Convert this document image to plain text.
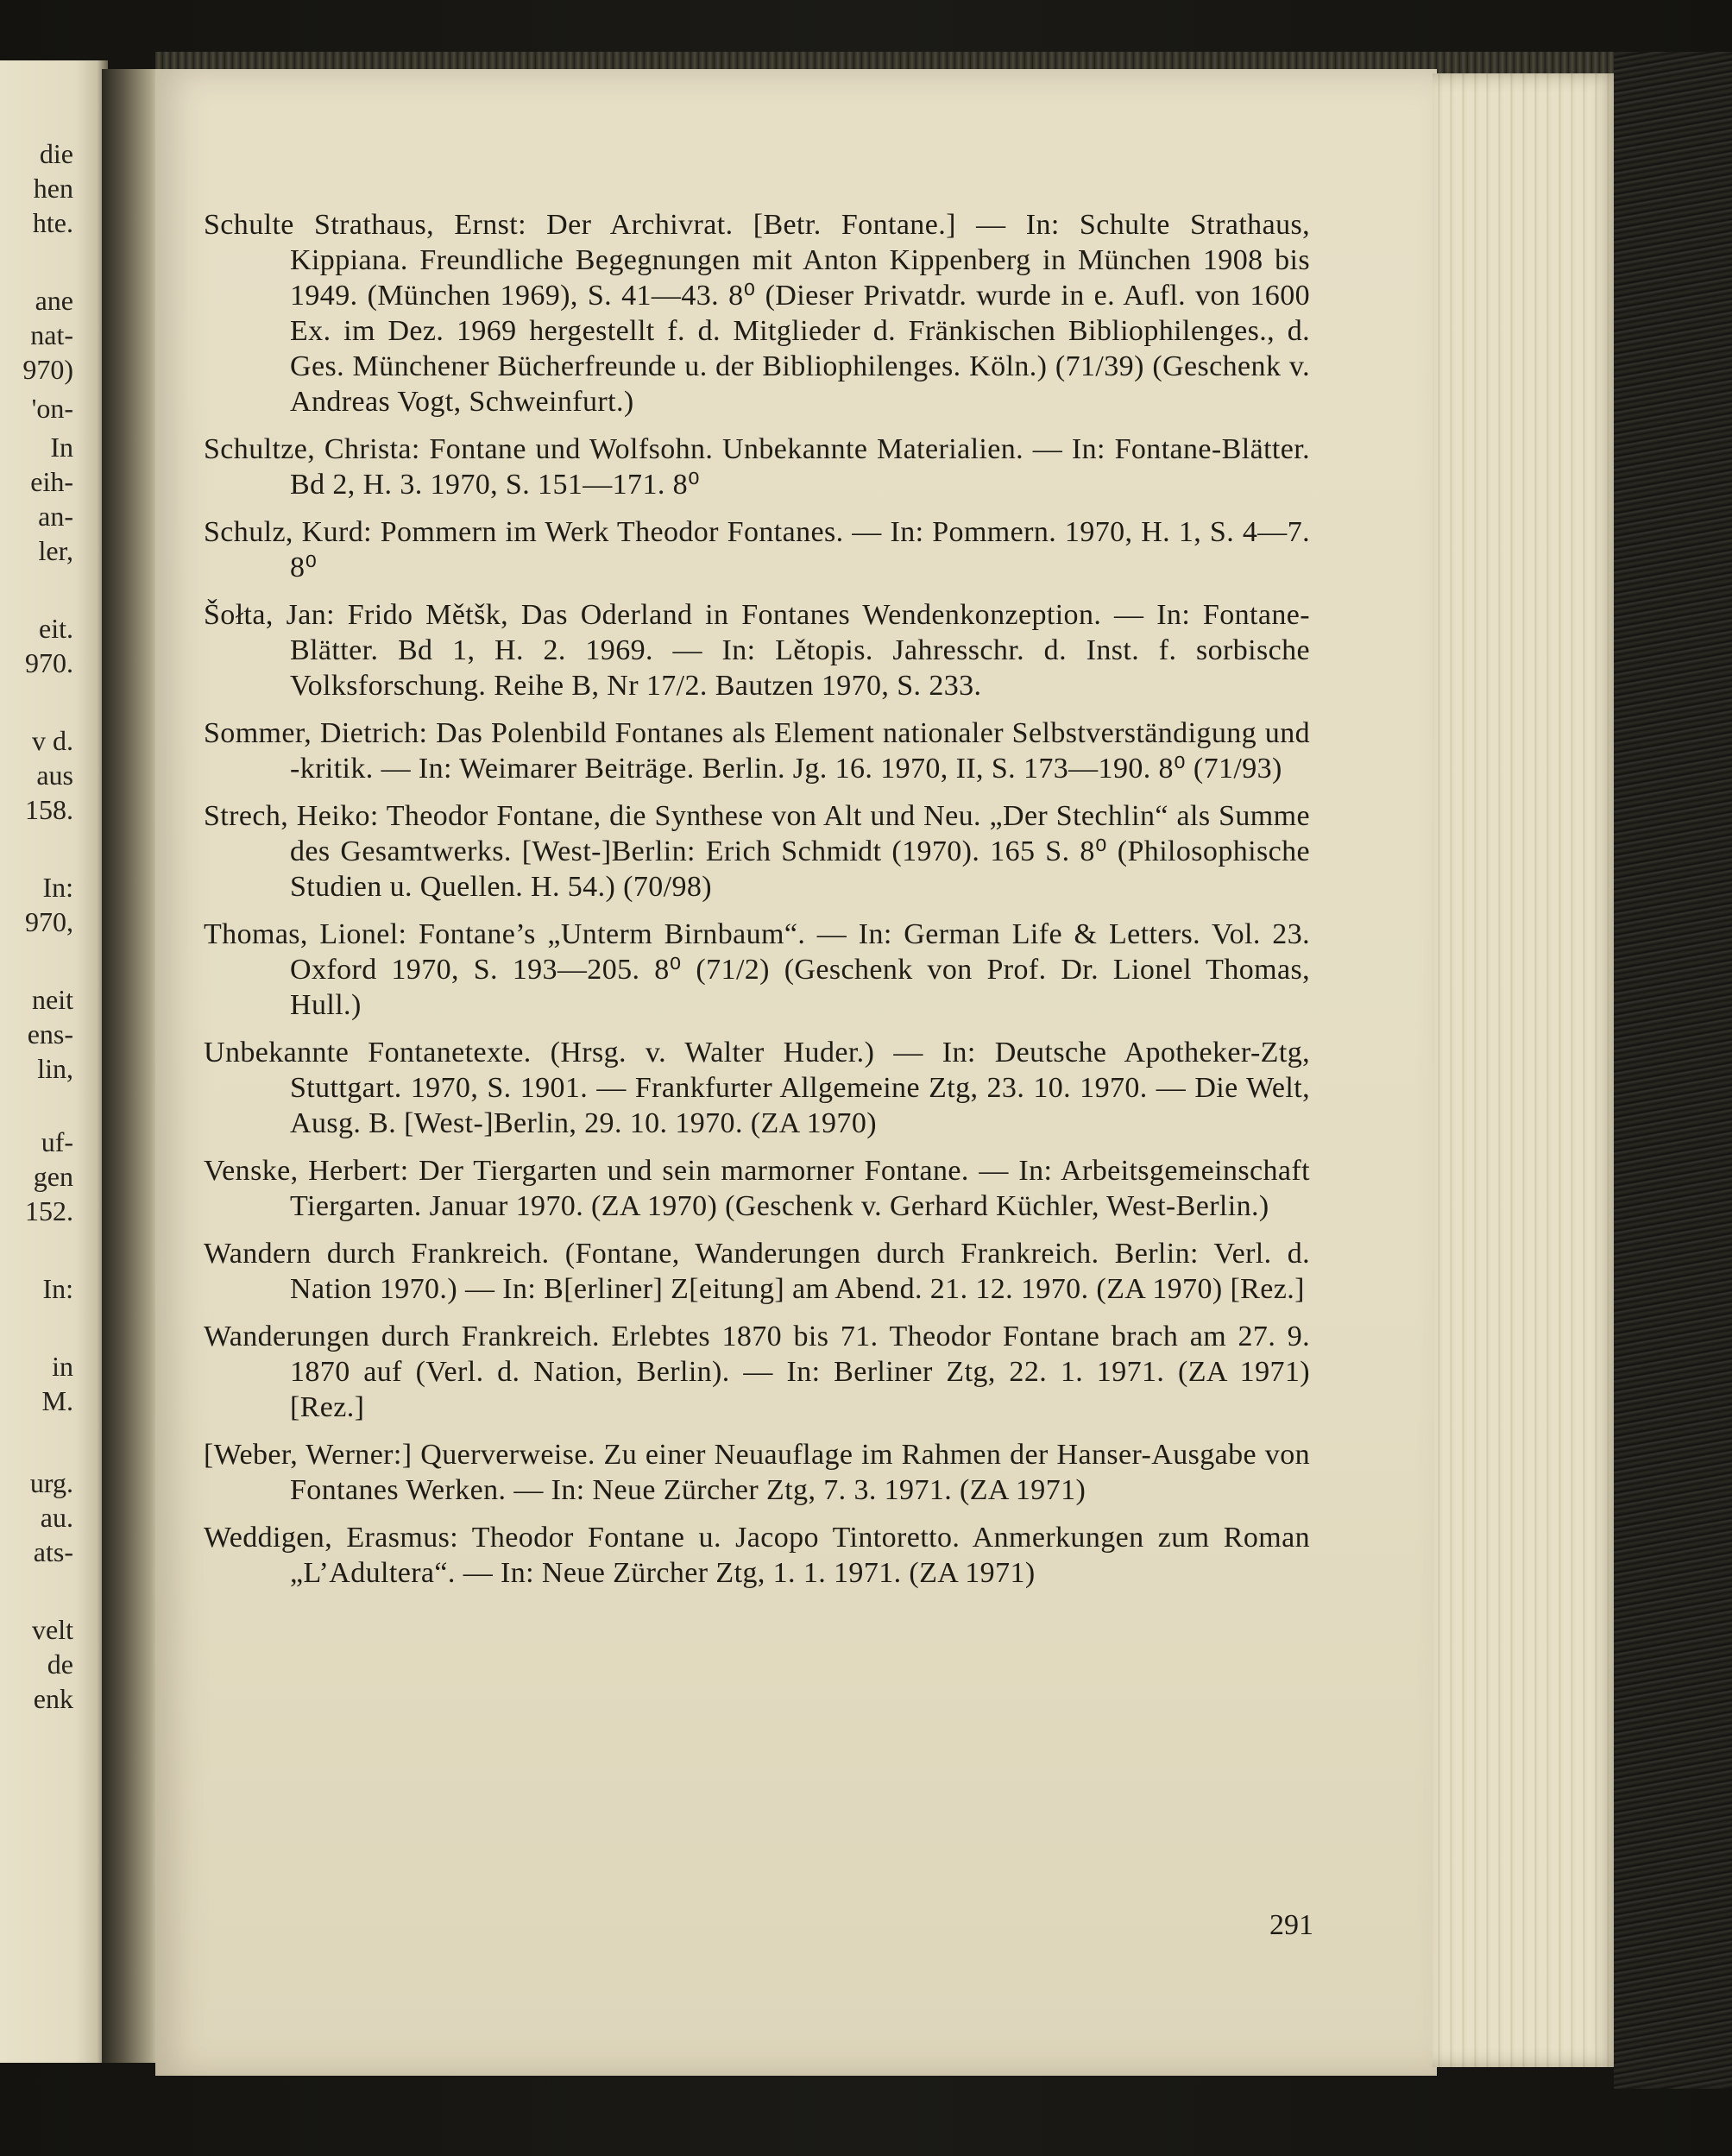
die
hen
hte.
ane
nat-
970)
'on-
In
eih-
an-
ler,
eit.
970.
v d.
aus
158.
In:
970,
neit
ens-
lin,
uf-
gen
152.
In:
in
M.
urg.
au.
ats-
velt
de
enk

Schulte Strathaus, Ernst: Der Archivrat. [Betr. Fontane.] — In: Schulte Strathaus, Kippiana. Freundliche Begegnungen mit Anton Kippenberg in München 1908 bis 1949. (München 1969), S. 41—43. 8⁰ (Dieser Privatdr. wurde in e. Aufl. von 1600 Ex. im Dez. 1969 hergestellt f. d. Mitglieder d. Fränkischen Bibliophilenges., d. Ges. Münchener Bücherfreunde u. der Bibliophilenges. Köln.) (71/39) (Geschenk v. Andreas Vogt, Schweinfurt.)

Schultze, Christa: Fontane und Wolfsohn. Unbekannte Materialien. — In: Fontane-Blätter. Bd 2, H. 3. 1970, S. 151—171. 8⁰

Schulz, Kurd: Pommern im Werk Theodor Fontanes. — In: Pommern. 1970, H. 1, S. 4—7. 8⁰

Šołta, Jan: Frido Mětšk, Das Oderland in Fontanes Wendenkonzeption. — In: Fontane-Blätter. Bd 1, H. 2. 1969. — In: Lětopis. Jahresschr. d. Inst. f. sorbische Volksforschung. Reihe B, Nr 17/2. Bautzen 1970, S. 233.

Sommer, Dietrich: Das Polenbild Fontanes als Element nationaler Selbstverständigung und -kritik. — In: Weimarer Beiträge. Berlin. Jg. 16. 1970, II, S. 173—190. 8⁰ (71/93)

Strech, Heiko: Theodor Fontane, die Synthese von Alt und Neu. „Der Stechlin“ als Summe des Gesamtwerks. [West-]Berlin: Erich Schmidt (1970). 165 S. 8⁰ (Philosophische Studien u. Quellen. H. 54.) (70/98)

Thomas, Lionel: Fontane’s „Unterm Birnbaum“. — In: German Life & Letters. Vol. 23. Oxford 1970, S. 193—205. 8⁰ (71/2) (Geschenk von Prof. Dr. Lionel Thomas, Hull.)

Unbekannte Fontanetexte. (Hrsg. v. Walter Huder.) — In: Deutsche Apotheker-Ztg, Stuttgart. 1970, S. 1901. — Frankfurter Allgemeine Ztg, 23. 10. 1970. — Die Welt, Ausg. B. [West-]Berlin, 29. 10. 1970. (ZA 1970)

Venske, Herbert: Der Tiergarten und sein marmorner Fontane. — In: Arbeitsgemeinschaft Tiergarten. Januar 1970. (ZA 1970) (Geschenk v. Gerhard Küchler, West-Berlin.)

Wandern durch Frankreich. (Fontane, Wanderungen durch Frankreich. Berlin: Verl. d. Nation 1970.) — In: B[erliner] Z[eitung] am Abend. 21. 12. 1970. (ZA 1970) [Rez.]

Wanderungen durch Frankreich. Erlebtes 1870 bis 71. Theodor Fontane brach am 27. 9. 1870 auf (Verl. d. Nation, Berlin). — In: Berliner Ztg, 22. 1. 1971. (ZA 1971) [Rez.]

[Weber, Werner:] Querverweise. Zu einer Neuauflage im Rahmen der Hanser-Ausgabe von Fontanes Werken. — In: Neue Zürcher Ztg, 7. 3. 1971. (ZA 1971)

Weddigen, Erasmus: Theodor Fontane u. Jacopo Tintoretto. Anmerkungen zum Roman „L’Adultera“. — In: Neue Zürcher Ztg, 1. 1. 1971. (ZA 1971)

291
